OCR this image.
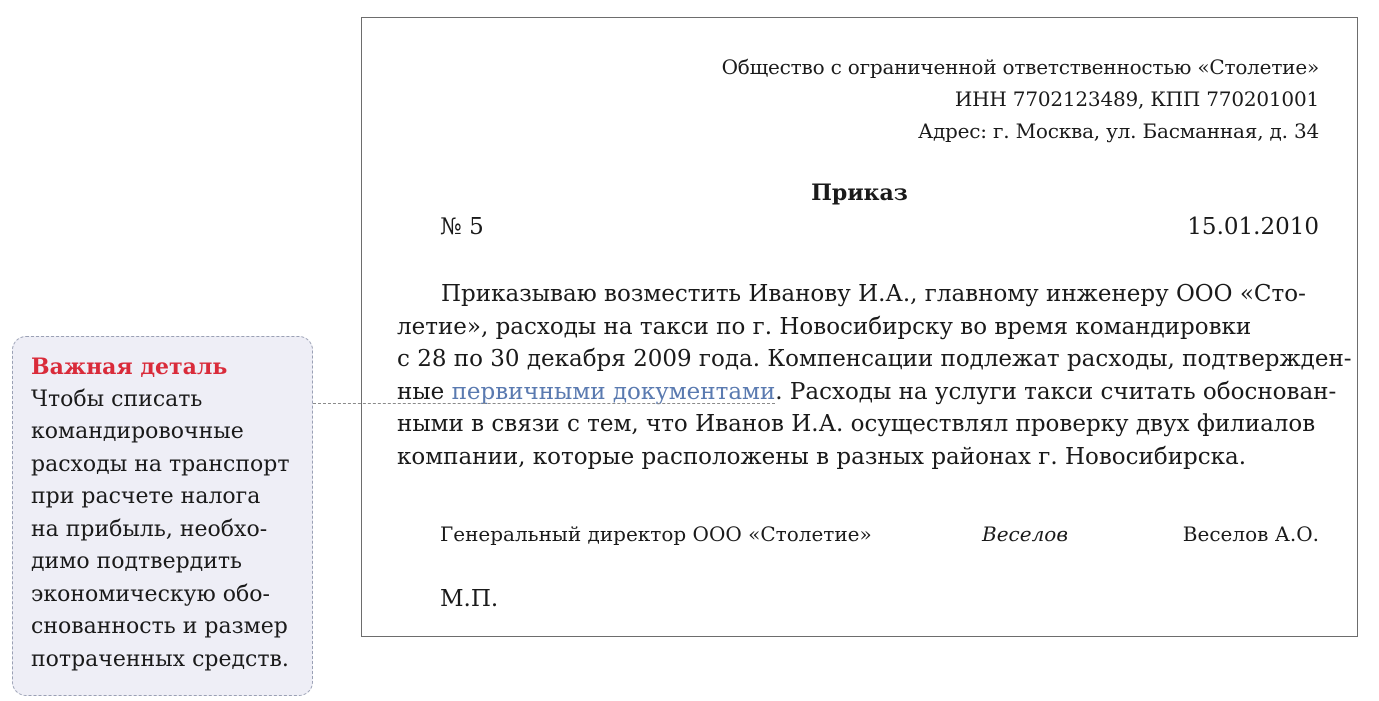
Общество с ограниченной ответственностью «Столетие»
ИНН 7702123489, КПП 770201001
Адрес: г. Москва, ул. Басманная, д. 34
Приказ
№ 5	15.01.2010
Приказываю возместить Иванову И.А., главному инженеру ООО «Сто-
летие», расходы на такси по г. Новосибирску во время командировки
с 28 по 30 декабря 2009 года. Компенсации подлежат расходы, подтвержден-
ные первичными документами. Расходы на услуги такси считать обоснован-
ными в связи с тем, что Иванов И.А. осуществлял проверку двух филиалов
компании, которые расположены в разных районах г. Новосибирска.
Генеральный директор ООО «Столетие»	Веселов	Веселов А.О.
М.П.
Важная деталь
Чтобы списать
командировочные
расходы на транспорт
при расчете налога
на прибыль, необхо-
димо подтвердить
экономическую обо-
снованность и размер
потраченных средств.
